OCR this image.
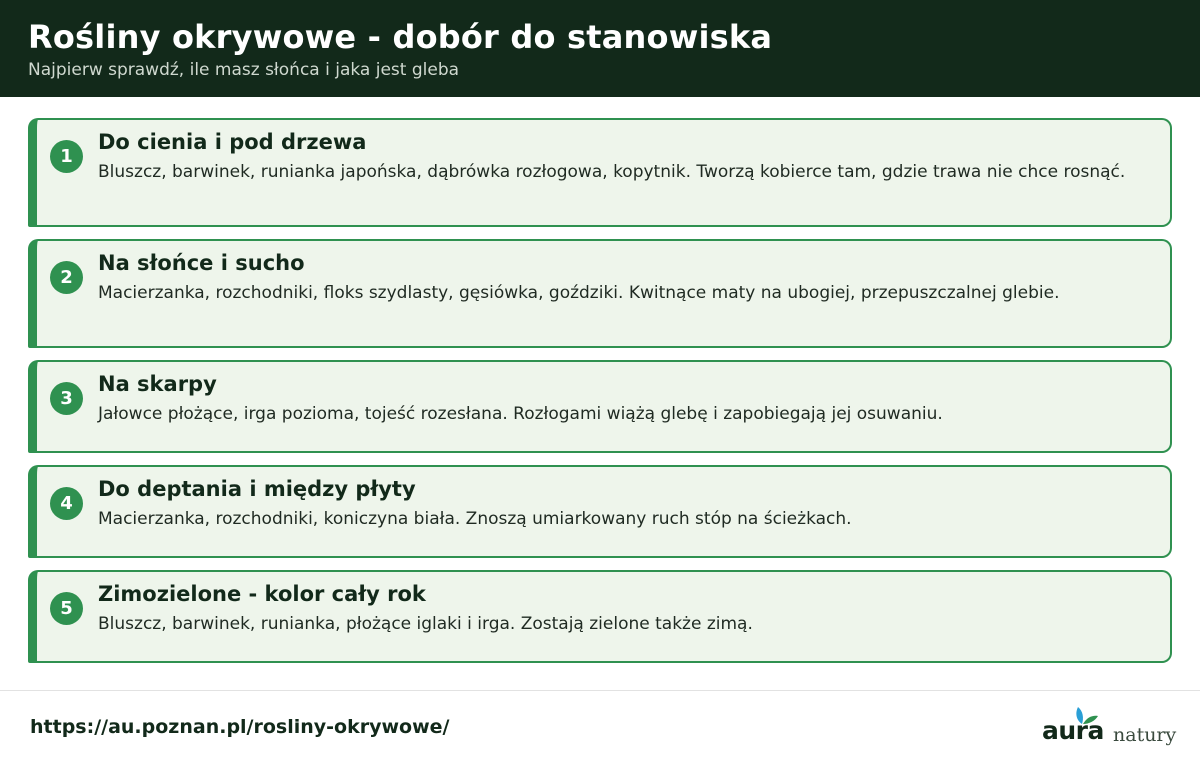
Rośliny okrywowe - dobór do stanowiska
Najpierw sprawdź, ile masz słońca i jaka jest gleba
1
Do cienia i pod drzewa

Bluszcz, barwinek, runianka japońska, dąbrówka rozłogowa, kopytnik. Tworzą kobierce tam, gdzie trawa nie chce rosnąć.

2
Na słońce i sucho

Macierzanka, rozchodniki, floks szydlasty, gęsiówka, goździki. Kwitnące maty na ubogiej, przepuszczalnej glebie.

3
Na skarpy

Jałowce płożące, irga pozioma, tojeść rozesłana. Rozłogami wiążą glebę i zapobiegają jej osuwaniu.

4
Do deptania i między płyty

Macierzanka, rozchodniki, koniczyna biała. Znoszą umiarkowany ruch stóp na ścieżkach.

5
Zimozielone - kolor cały rok

Bluszcz, barwinek, runianka, płożące iglaki i irga. Zostają zielone także zimą.

https://au.poznan.pl/rosliny-okrywowe/	aura natury
